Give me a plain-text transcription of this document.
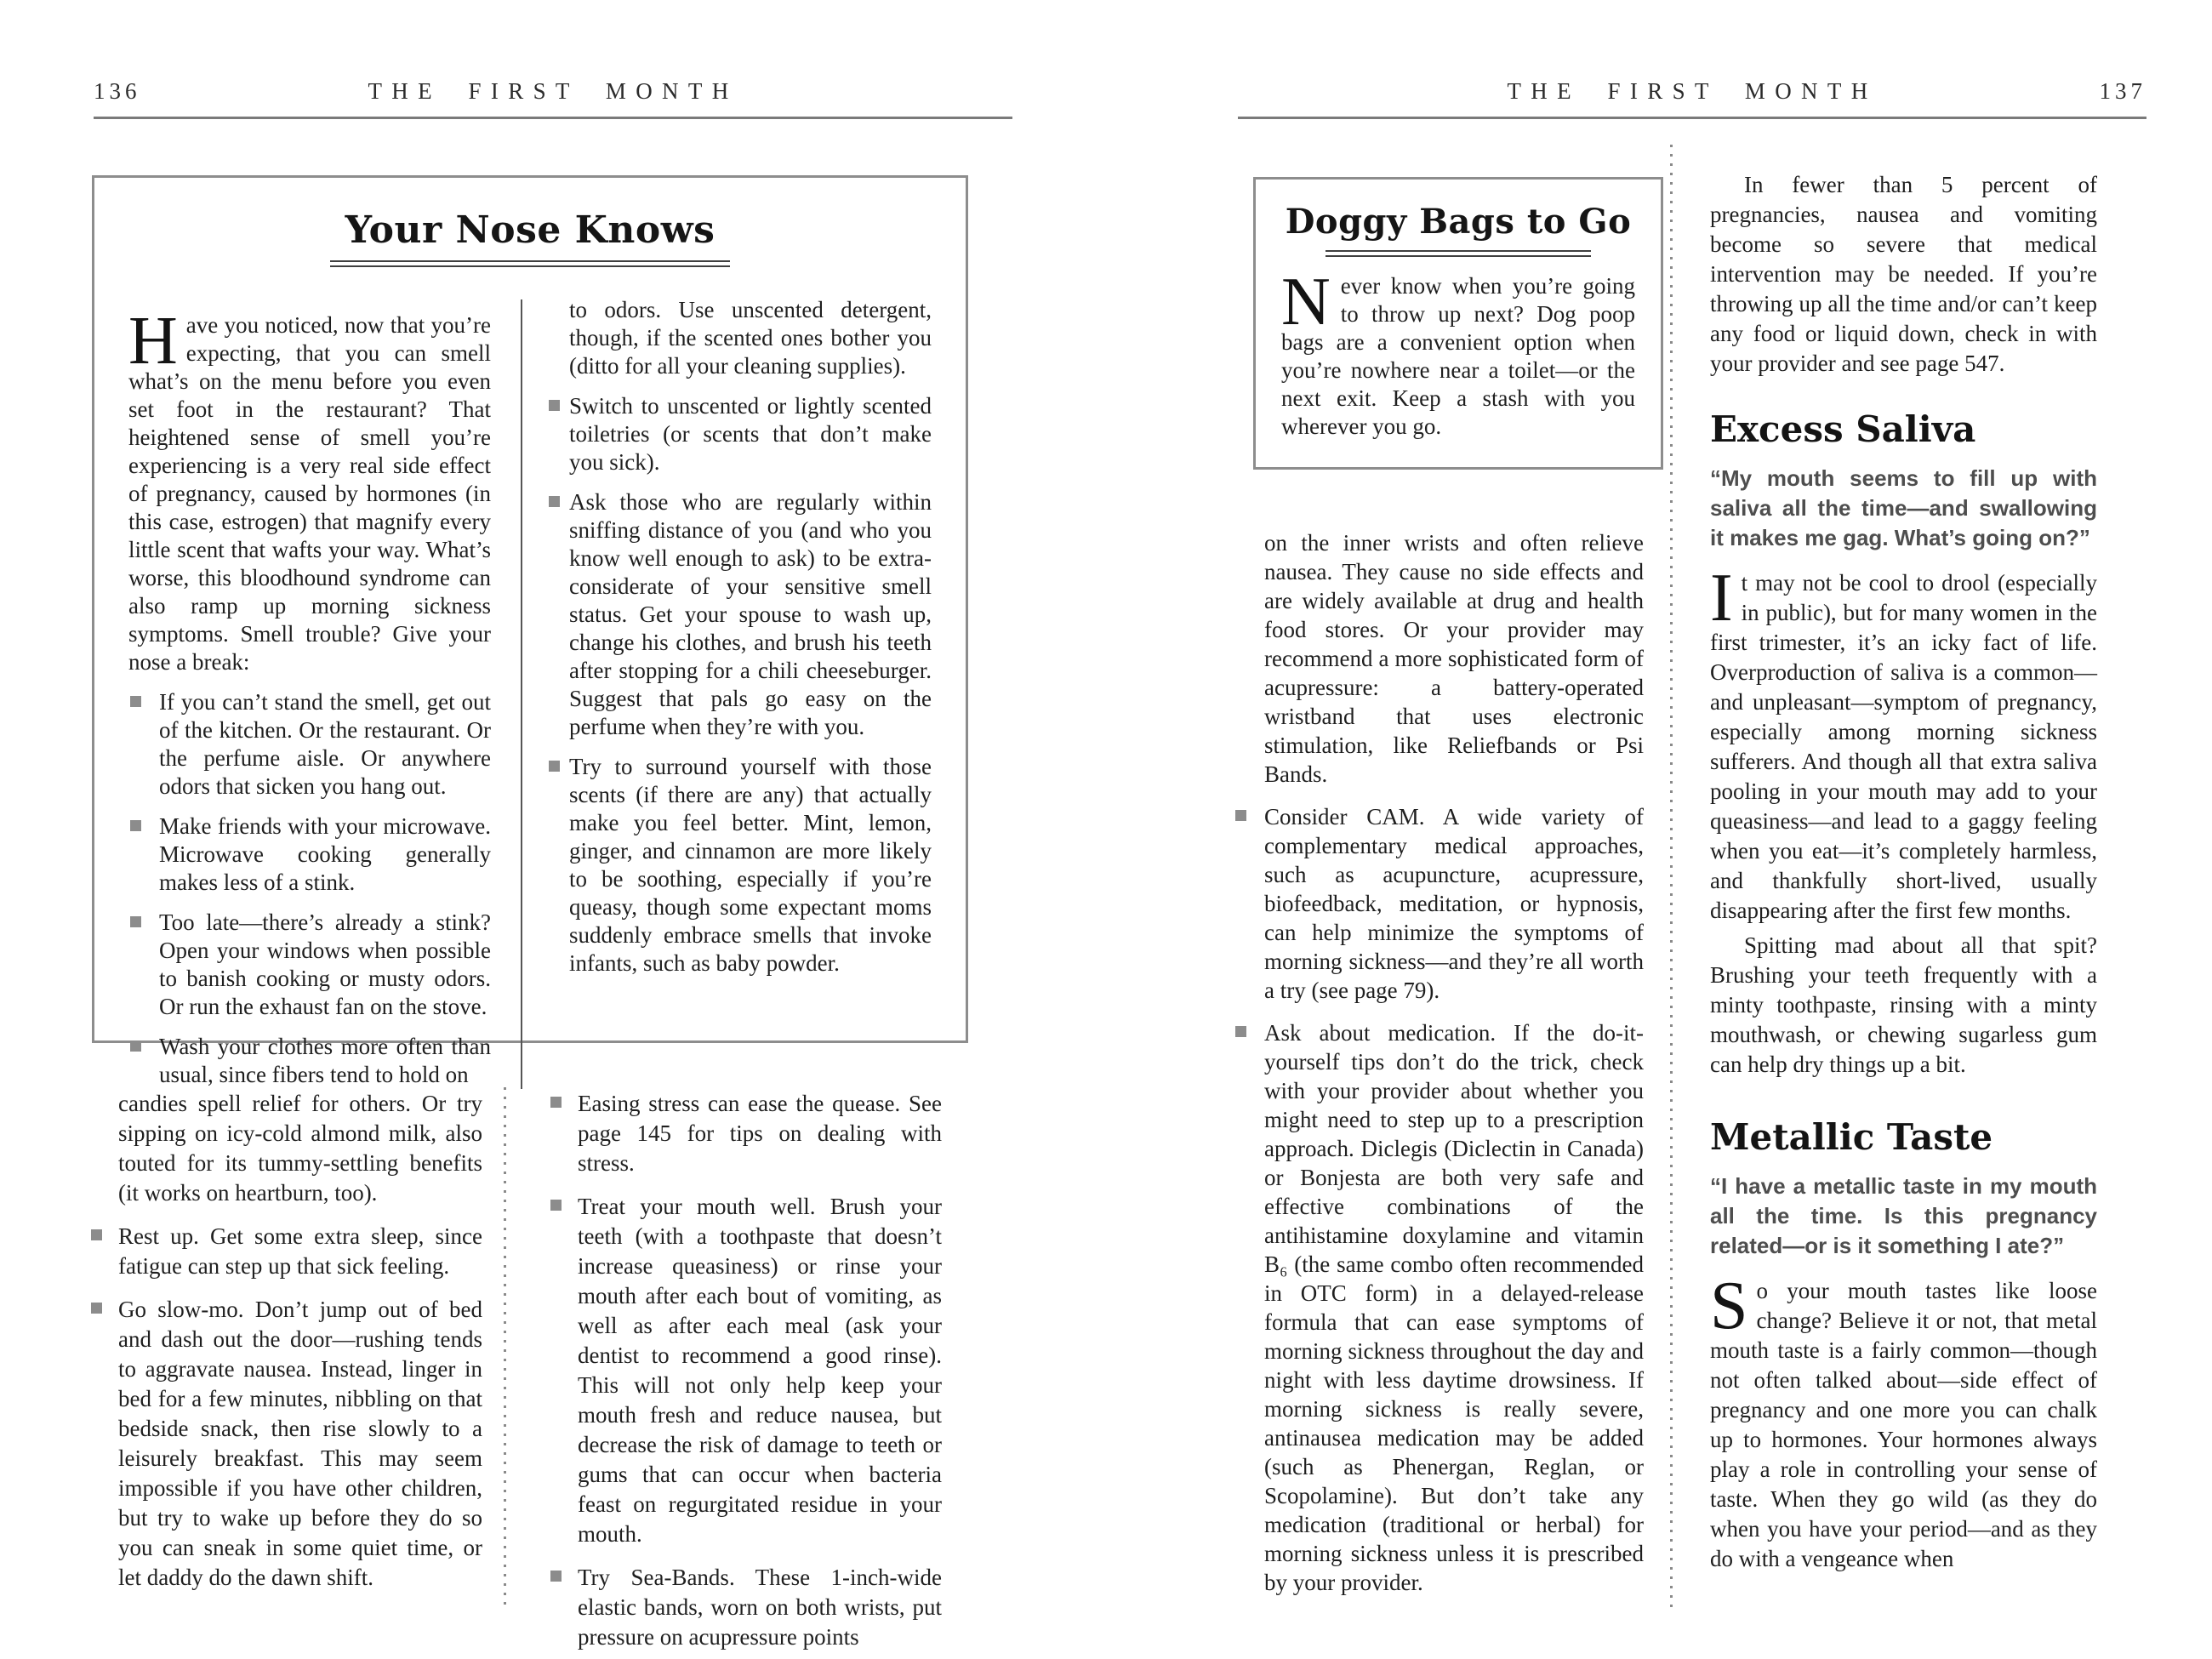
136	THE FIRST MONTH
Your Nose Knows

Have you noticed, now that you’re expecting, that you can smell what’s on the menu before you even set foot in the restaurant? That heightened sense of smell you’re experiencing is a very real side effect of pregnancy, caused by hormones (in this case, estrogen) that magnify every little scent that wafts your way. What’s worse, this bloodhound syndrome can also ramp up morning sickness symptoms. Smell trouble? Give your nose a break:

If you can’t stand the smell, get out of the kitchen. Or the restaurant. Or the perfume aisle. Or anywhere odors that sicken you hang out.
Make friends with your microwave. Microwave cooking generally makes less of a stink.
Too late—there’s already a stink? Open your windows when possible to banish cooking or musty odors. Or run the exhaust fan on the stove.
Wash your clothes more often than usual, since fibers tend to hold on

to odors. Use unscented detergent, though, if the scented ones bother you (ditto for all your cleaning supplies).

Switch to unscented or lightly scented toiletries (or scents that don’t make you sick).
Ask those who are regularly within sniffing distance of you (and who you know well enough to ask) to be extra-considerate of your sensitive smell status. Get your spouse to wash up, change his clothes, and brush his teeth after stopping for a chili cheeseburger. Suggest that pals go easy on the perfume when they’re with you.
Try to surround yourself with those scents (if there are any) that actually make you feel better. Mint, lemon, ginger, and cinnamon are more likely to be soothing, especially if you’re queasy, though some expectant moms suddenly embrace smells that invoke infants, such as baby powder.

candies spell relief for others. Or try sipping on icy-cold almond milk, also touted for its tummy-settling benefits (it works on heartburn, too).

Rest up. Get some extra sleep, since fatigue can step up that sick feeling.
Go slow-mo. Don’t jump out of bed and dash out the door—rushing tends to aggravate nausea. Instead, linger in bed for a few minutes, nibbling on that bedside snack, then rise slowly to a leisurely breakfast. This may seem impossible if you have other children, but try to wake up before they do so you can sneak in some quiet time, or let daddy do the dawn shift.
Easing stress can ease the quease. See page 145 for tips on dealing with stress.
Treat your mouth well. Brush your teeth (with a toothpaste that doesn’t increase queasiness) or rinse your mouth after each bout of vomiting, as well as after each meal (ask your dentist to recommend a good rinse). This will not only help keep your mouth fresh and reduce nausea, but decrease the risk of damage to teeth or gums that can occur when bacteria feast on regurgitated residue in your mouth.
Try Sea-Bands. These 1-inch-wide elastic bands, worn on both wrists, put pressure on acupressure points
THE FIRST MONTH	137
Doggy Bags to Go

Never know when you’re going to throw up next? Dog poop bags are a convenient option when you’re nowhere near a toilet—or the next exit. Keep a stash with you wherever you go.

on the inner wrists and often relieve nausea. They cause no side effects and are widely available at drug and health food stores. Or your provider may recommend a more sophisticated form of acupressure: a battery-operated wristband that uses electronic stimulation, like Reliefbands or Psi Bands.

Consider CAM. A wide variety of complementary medical approaches, such as acupuncture, acupressure, biofeedback, meditation, or hypnosis, can help minimize the symptoms of morning sickness—and they’re all worth a try (see page 79).
Ask about medication. If the do-it-yourself tips don’t do the trick, check with your provider about whether you might need to step up to a prescription approach. Diclegis (Diclectin in Canada) or Bonjesta are both very safe and effective combinations of the antihistamine doxylamine and vitamin B₆ (the same combo often recommended in OTC form) in a delayed-release formula that can ease symptoms of morning sickness throughout the day and night with less daytime drowsiness. If morning sickness is really severe, antinausea medication may be added (such as Phenergan, Reglan, or Scopolamine). But don’t take any medication (traditional or herbal) for morning sickness unless it is prescribed by your provider.

In fewer than 5 percent of pregnancies, nausea and vomiting become so severe that medical intervention may be needed. If you’re throwing up all the time and/or can’t keep any food or liquid down, check in with your provider and see page 547.

Excess Saliva

“My mouth seems to fill up with saliva all the time—and swallowing it makes me gag. What’s going on?”

It may not be cool to drool (especially in public), but for many women in the first trimester, it’s an icky fact of life. Overproduction of saliva is a common—and unpleasant—symptom of pregnancy, especially among morning sickness sufferers. And though all that extra saliva pooling in your mouth may add to your queasiness—and lead to a gaggy feeling when you eat—it’s completely harmless, and thankfully short-lived, usually disappearing after the first few months.

Spitting mad about all that spit? Brushing your teeth frequently with a minty toothpaste, rinsing with a minty mouthwash, or chewing sugarless gum can help dry things up a bit.

Metallic Taste

“I have a metallic taste in my mouth all the time. Is this pregnancy related—or is it something I ate?”

So your mouth tastes like loose change? Believe it or not, that metal mouth taste is a fairly common—though not often talked about—side effect of pregnancy and one more you can chalk up to hormones. Your hormones always play a role in controlling your sense of taste. When they go wild (as they do when you have your period—and as they do with a vengeance when
